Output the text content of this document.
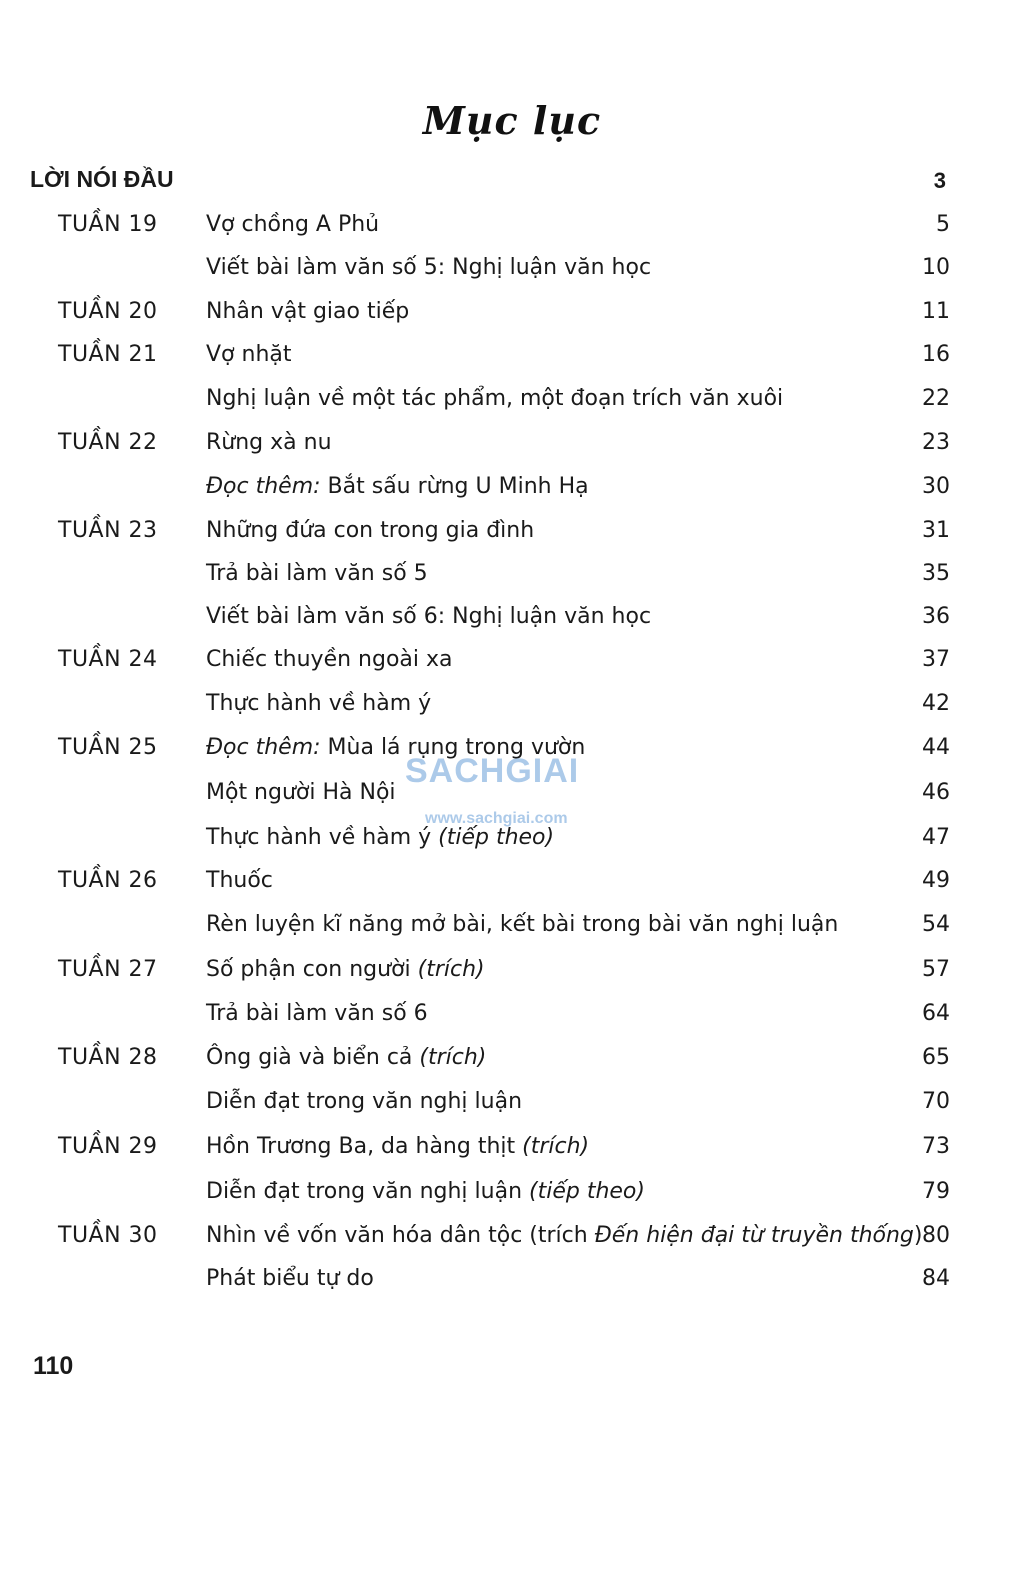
Mục lục
LỜI NÓI ĐẦU	3
TUẦN 19 Vợ chồng A Phủ	5
Viết bài làm văn số 5: Nghị luận văn học	10
TUẦN 20 Nhân vật giao tiếp	11
TUẦN 21 Vợ nhặt	16
Nghị luận về một tác phẩm, một đoạn trích văn xuôi	22
TUẦN 22 Rừng xà nu	23
Đọc thêm: Bắt sấu rừng U Minh Hạ	30
TUẦN 23 Những đứa con trong gia đình	31
Trả bài làm văn số 5	35
Viết bài làm văn số 6: Nghị luận văn học	36
TUẦN 24 Chiếc thuyền ngoài xa	37
Thực hành về hàm ý	42
TUẦN 25 Đọc thêm: Mùa lá rụng trong vườn	44
Một người Hà Nội	46
Thực hành về hàm ý (tiếp theo)	47
TUẦN 26 Thuốc	49
Rèn luyện kĩ năng mở bài, kết bài trong bài văn nghị luận	54
TUẦN 27 Số phận con người (trích)	57
Trả bài làm văn số 6	64
TUẦN 28 Ông già và biển cả (trích)	65
Diễn đạt trong văn nghị luận	70
TUẦN 29 Hồn Trương Ba, da hàng thịt (trích)	73
Diễn đạt trong văn nghị luận (tiếp theo)	79
TUẦN 30 Nhìn về vốn văn hóa dân tộc (trích Đến hiện đại từ truyền thống) 80
Phát biểu tự do	84
SACHGIAI
www.sachgiai.com
110
